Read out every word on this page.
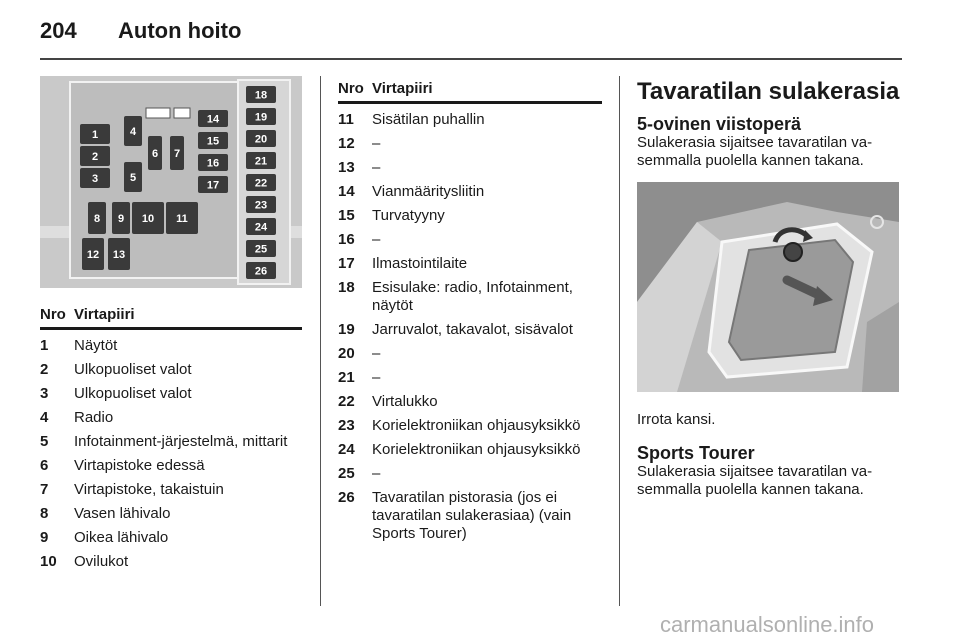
204 Auton hoito
1
2
3
4
5
6 7
8 9 10 11
12 13
14
15
16
17
18
19
20
21
22
23
24
25
26
Nro Virtapiiri
1	Näytöt
2	Ulkopuoliset valot
3	Ulkopuoliset valot
4	Radio
5	Infotainment-järjestelmä, mittarit
6	Virtapistoke edessä
7	Virtapistoke, takaistuin
8	Vasen lähivalo
9	Oikea lähivalo
10	Ovilukot
Nro Virtapiiri
11	Sisätilan puhallin
12	–
13	–
14	Vianmääritysliitin
15	Turvatyyny
16	–
17	Ilmastointilaite
18	Esisulake: radio, Infotainment, näytöt
19	Jarruvalot, takavalot, sisävalot
20	–
21	–
22	Virtalukko
23	Korielektroniikan ohjausyksikkö
24	Korielektroniikan ohjausyksikkö
25	–
26	Tavaratilan pistorasia (jos ei tavaratilan sulakerasiaa) (vain Sports Tourer)
Tavaratilan sulakerasia
5-ovinen viistoperä

Sulakerasia sijaitsee tavaratilan va-semmalla puolella kannen takana.

Irrota kansi.

Sports Tourer

Sulakerasia sijaitsee tavaratilan va-semmalla puolella kannen takana.

carmanualsonline.info
